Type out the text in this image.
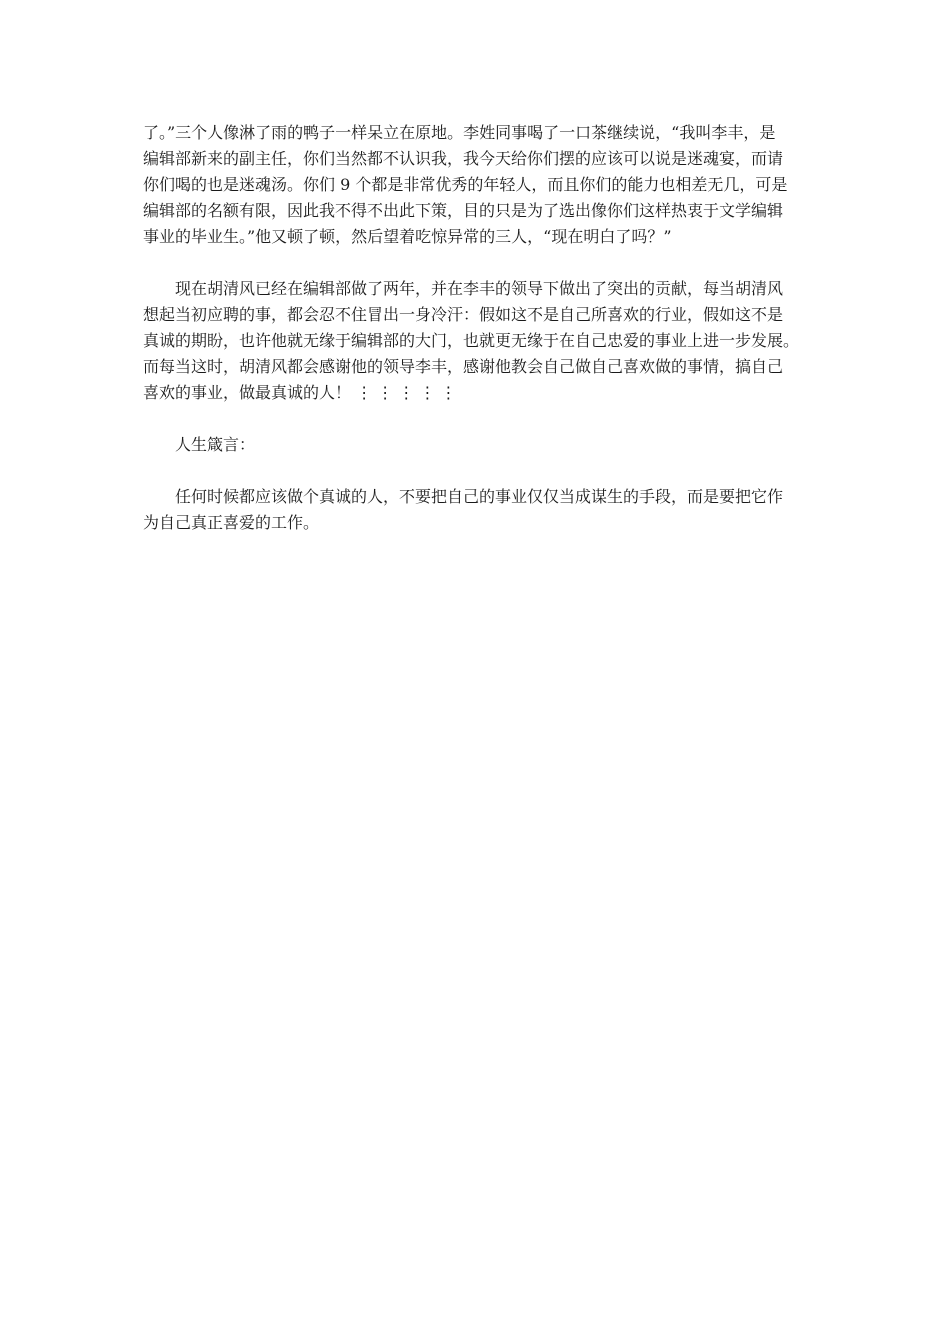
了。”三个人像淋了雨的鸭子一样呆立在原地。李姓同事喝了一口茶继续说，“我叫李丰，是
编辑部新来的副主任，你们当然都不认识我，我今天给你们摆的应该可以说是迷魂宴，而请
你们喝的也是迷魂汤。你们 9 个都是非常优秀的年轻人，而且你们的能力也相差无几，可是
编辑部的名额有限，因此我不得不出此下策，目的只是为了选出像你们这样热衷于文学编辑
事业的毕业生。”他又顿了顿，然后望着吃惊异常的三人，“现在明白了吗？”

现在胡清风已经在编辑部做了两年，并在李丰的领导下做出了突出的贡献，每当胡清风
想起当初应聘的事，都会忍不住冒出一身冷汗：假如这不是自己所喜欢的行业，假如这不是
真诚的期盼，也许他就无缘于编辑部的大门，也就更无缘于在自己忠爱的事业上进一步发展。
而每当这时，胡清风都会感谢他的领导李丰，感谢他教会自己做自己喜欢做的事情，搞自己
喜欢的事业，做最真诚的人！ ⋮ ⋮ ⋮ ⋮ ⋮

人生箴言：

任何时候都应该做个真诚的人，不要把自己的事业仅仅当成谋生的手段，而是要把它作
为自己真正喜爱的工作。
